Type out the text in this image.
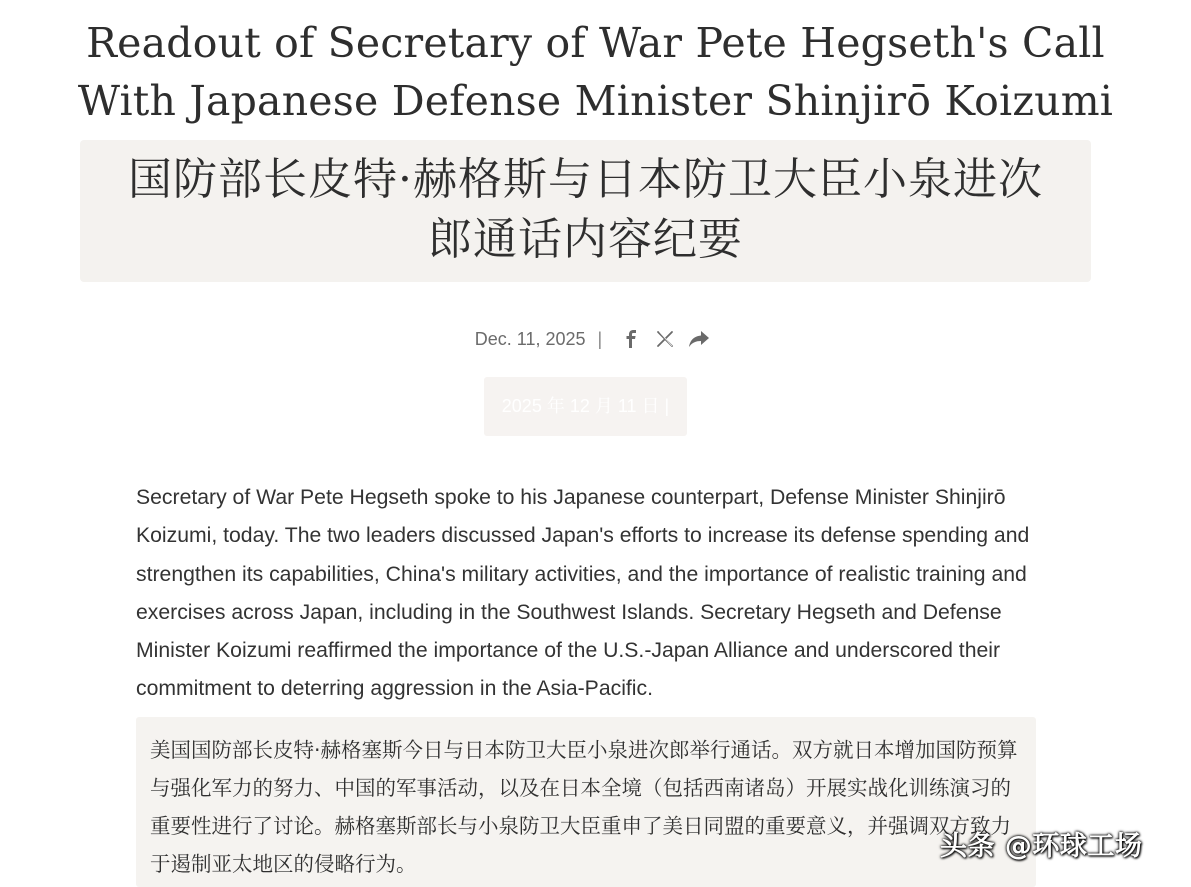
Readout of Secretary of War Pete Hegseth's Call With Japanese Defense Minister Shinjirō Koizumi
国防部长皮特·赫格斯与日本防卫大臣小泉进次郎通话内容纪要
Dec. 11, 2025 |
2025 年 12 月 11 日 |

Secretary of War Pete Hegseth spoke to his Japanese counterpart, Defense Minister Shinjirō Koizumi, today. The two leaders discussed Japan's efforts to increase its defense spending and strengthen its capabilities, China's military activities, and the importance of realistic training and exercises across Japan, including in the Southwest Islands. Secretary Hegseth and Defense Minister Koizumi reaffirmed the importance of the U.S.-Japan Alliance and underscored their commitment to deterring aggression in the Asia-Pacific.

美国国防部长皮特·赫格塞斯今日与日本防卫大臣小泉进次郎举行通话。双方就日本增加国防预算与强化军力的努力、中国的军事活动，以及在日本全境（包括西南诸岛）开展实战化训练演习的重要性进行了讨论。赫格塞斯部长与小泉防卫大臣重申了美日同盟的重要意义，并强调双方致力于遏制亚太地区的侵略行为。

头条 @环球工场
